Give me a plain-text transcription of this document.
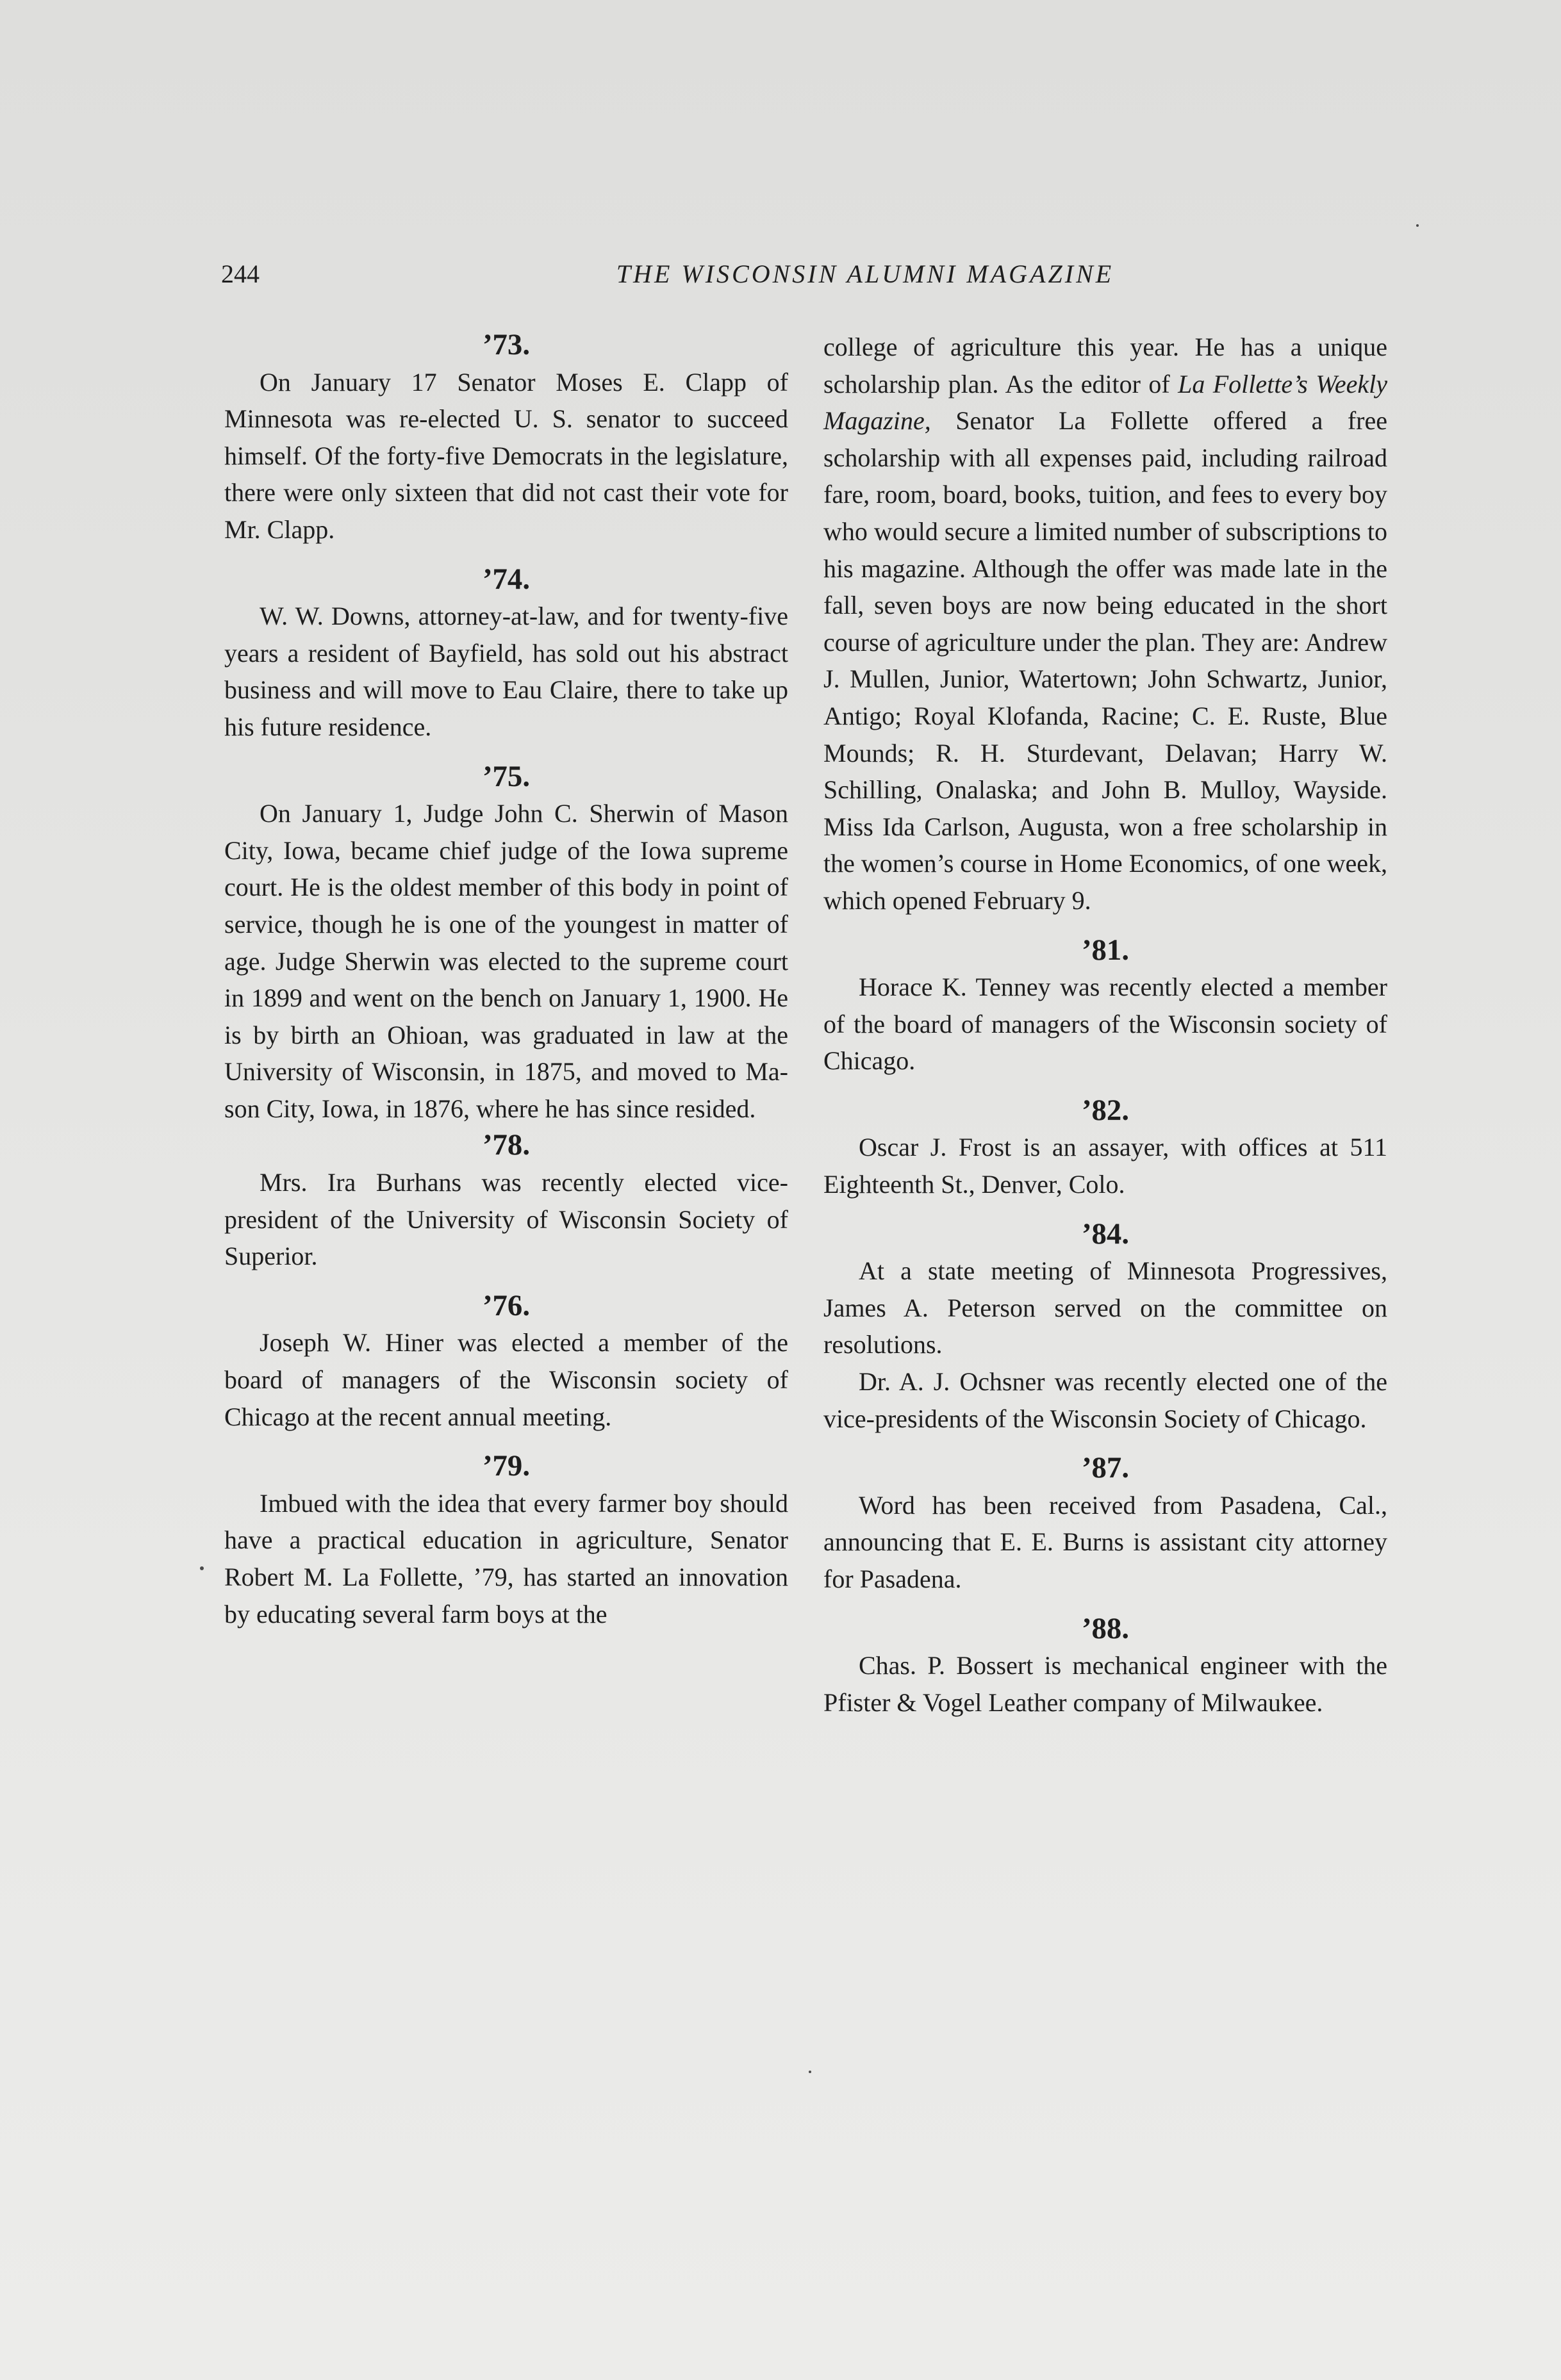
244	THE WISCONSIN ALUMNI MAGAZINE
’73.

On January 17 Senator Moses E. Clapp of Minnesota was re-elected U. S. senator to succeed himself. Of the forty-five Democrats in the legislature, there were only sixteen that did not cast their vote for Mr. Clapp.

’74.

W. W. Downs, attorney-at-law, and for twenty-five years a resident of Bayfield, has sold out his abstract business and will move to Eau Claire, there to take up his future residence.

’75.

On January 1, Judge John C. Sherwin of Mason City, Iowa, became chief judge of the Iowa supreme court. He is the oldest member of this body in point of service, though he is one of the youngest in matter of age. Judge Sherwin was elected to the supreme court in 1899 and went on the bench on January 1, 1900. He is by birth an Ohioan, was graduated in law at the University of Wisconsin, in 1875, and moved to Mason City, Iowa, in 1876, where he has since resided.

’78.

Mrs. Ira Burhans was recently elected vice-president of the University of Wisconsin Society of Superior.

’76.

Joseph W. Hiner was elected a member of the board of managers of the Wisconsin society of Chicago at the recent annual meeting.

’79.

Imbued with the idea that every farmer boy should have a practical education in agriculture, Senator Robert M. La Follette, ’79, has started an innovation by educating several farm boys at the

college of agriculture this year. He has a unique scholarship plan. As the editor of La Follette’s Weekly Magazine, Senator La Follette offered a free scholarship with all expenses paid, including railroad fare, room, board, books, tuition, and fees to every boy who would secure a limited number of subscriptions to his magazine. Although the offer was made late in the fall, seven boys are now being educated in the short course of agriculture under the plan. They are: Andrew J. Mullen, Junior, Watertown; John Schwartz, Junior, Antigo; Royal Klofanda, Racine; C. E. Ruste, Blue Mounds; R. H. Sturdevant, Delavan; Harry W. Schilling, Onalaska; and John B. Mulloy, Wayside. Miss Ida Carlson, Augusta, won a free scholarship in the women’s course in Home Economics, of one week, which opened February 9.

’81.

Horace K. Tenney was recently elected a member of the board of managers of the Wisconsin society of Chicago.

’82.

Oscar J. Frost is an assayer, with offices at 511 Eighteenth St., Denver, Colo.

’84.

At a state meeting of Minnesota Progressives, James A. Peterson served on the committee on resolutions.

Dr. A. J. Ochsner was recently elected one of the vice-presidents of the Wisconsin Society of Chicago.

’87.

Word has been received from Pasadena, Cal., announcing that E. E. Burns is assistant city attorney for Pasadena.

’88.

Chas. P. Bossert is mechanical engineer with the Pfister & Vogel Leather company of Milwaukee.
